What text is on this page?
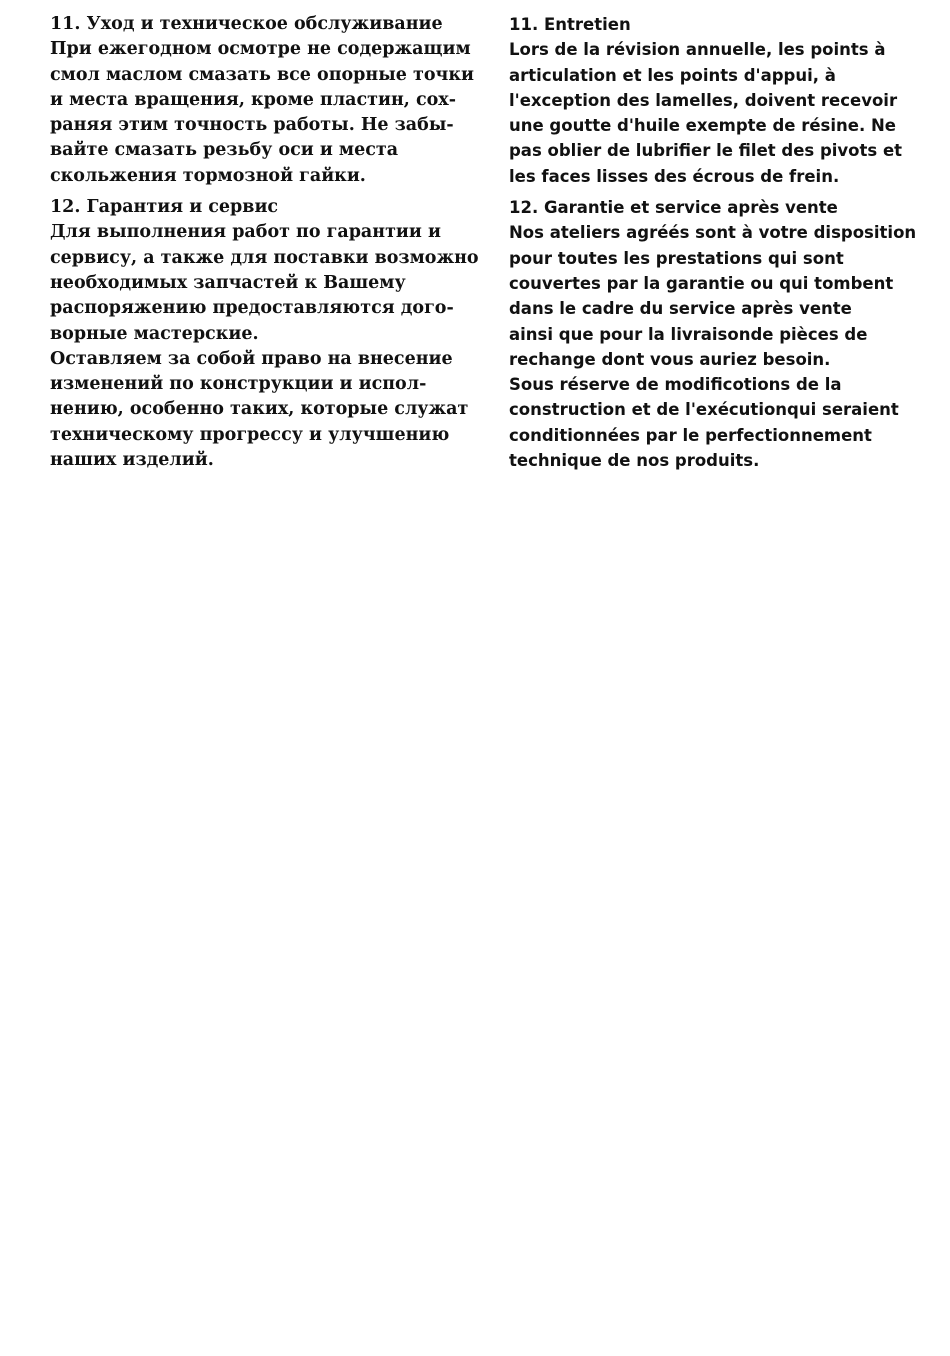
11. Уход и техническое обслуживание
При ежегодном осмотре не содержащим
смол маслом смазать все опорные точки
и места вращения, кроме пластин, сох-
раняя этим точность работы. Не забы-
вайте смазать резьбу оси и места
скольжения тормозной гайки.
12. Гарантия и сервис
Для выполнения работ по гарантии и
сервису, а также для поставки возможно
необходимых запчастей к Вашему
распоряжению предоставляются дого-
ворные мастерские.
Оставляем за собой право на внесение
изменений по конструкции и испол-
нению, особенно таких, которые служат
техническому прогрессу и улучшению
наших изделий.
11. Entretien
Lors de la révision annuelle, les points à
articulation et les points d'appui, à
l'exception des lamelles, doivent recevoir
une goutte d'huile exempte de résine. Ne
pas oblier de lubrifier le filet des pivots et
les faces lisses des écrous de frein.
12. Garantie et service après vente
Nos ateliers agréés sont à votre disposition
pour toutes les prestations qui sont
couvertes par la garantie ou qui tombent
dans le cadre du service après vente
ainsi que pour la livraisonde pièces de
rechange dont vous auriez besoin.
Sous réserve de modificotions de la
construction et de l'exécutionqui seraient
conditionnées par le perfectionnement
technique de nos produits.
